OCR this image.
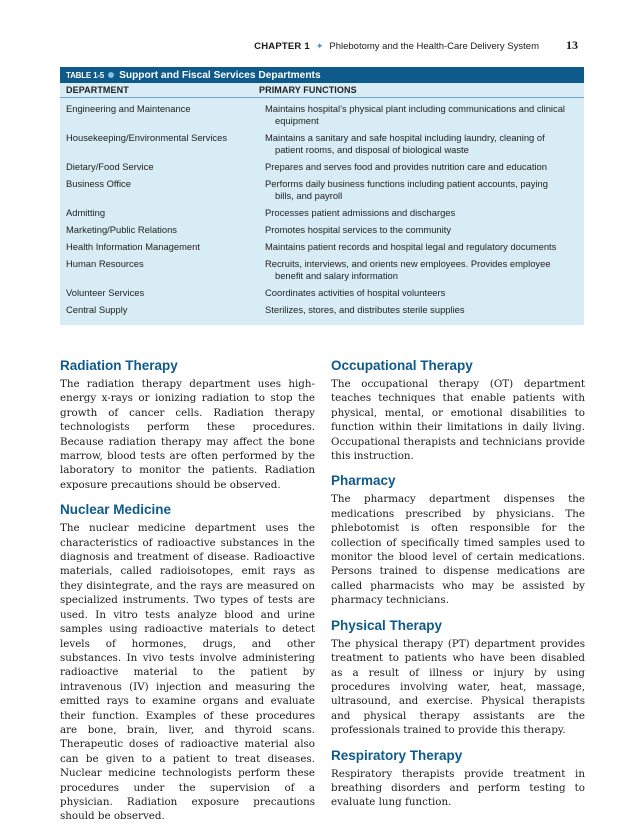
CHAPTER 1 ✦ Phlebotomy and the Health-Care Delivery System 13
TABLE 1-5 Support and Fiscal Services Departments
DEPARTMENT	PRIMARY FUNCTIONS
Engineering and Maintenance	Maintains hospital’s physical plant including communications and clinical equipment
Housekeeping/Environmental Services	Maintains a sanitary and safe hospital including laundry, cleaning of patient rooms, and disposal of biological waste
Dietary/Food Service	Prepares and serves food and provides nutrition care and education
Business Office	Performs daily business functions including patient accounts, paying bills, and payroll
Admitting	Processes patient admissions and discharges
Marketing/Public Relations	Promotes hospital services to the community
Health Information Management	Maintains patient records and hospital legal and regulatory documents
Human Resources	Recruits, interviews, and orients new employees. Provides employee benefit and salary information
Volunteer Services	Coordinates activities of hospital volunteers
Central Supply	Sterilizes, stores, and distributes sterile supplies
Radiation Therapy

The radiation therapy department uses high-energy x-rays or ionizing radiation to stop the growth of cancer cells. Radiation therapy technologists perform these procedures. Because radiation therapy may affect the bone marrow, blood tests are often performed by the laboratory to monitor the patients. Radiation exposure precautions should be observed.

Nuclear Medicine

The nuclear medicine department uses the characteristics of radioactive substances in the diagnosis and treatment of disease. Radioactive materials, called radioisotopes, emit rays as they disintegrate, and the rays are measured on specialized instruments. Two types of tests are used. In vitro tests analyze blood and urine samples using radioactive materials to detect levels of hormones, drugs, and other substances. In vivo tests involve administering radioactive material to the patient by intravenous (IV) injection and measuring the emitted rays to examine organs and evaluate their function. Examples of these procedures are bone, brain, liver, and thyroid scans. Therapeutic doses of radioactive material also can be given to a patient to treat diseases. Nuclear medicine technologists perform these procedures under the supervision of a physician. Radiation exposure precautions should be observed.

Occupational Therapy

The occupational therapy (OT) department teaches techniques that enable patients with physical, mental, or emotional disabilities to function within their limitations in daily living. Occupational therapists and technicians provide this instruction.

Pharmacy

The pharmacy department dispenses the medications prescribed by physicians. The phlebotomist is often responsible for the collection of specifically timed samples used to monitor the blood level of certain medications. Persons trained to dispense medications are called pharmacists who may be assisted by pharmacy technicians.

Physical Therapy

The physical therapy (PT) department provides treatment to patients who have been disabled as a result of illness or injury by using procedures involving water, heat, massage, ultrasound, and exercise. Physical therapists and physical therapy assistants are the professionals trained to provide this therapy.

Respiratory Therapy

Respiratory therapists provide treatment in breathing disorders and perform testing to evaluate lung function.
